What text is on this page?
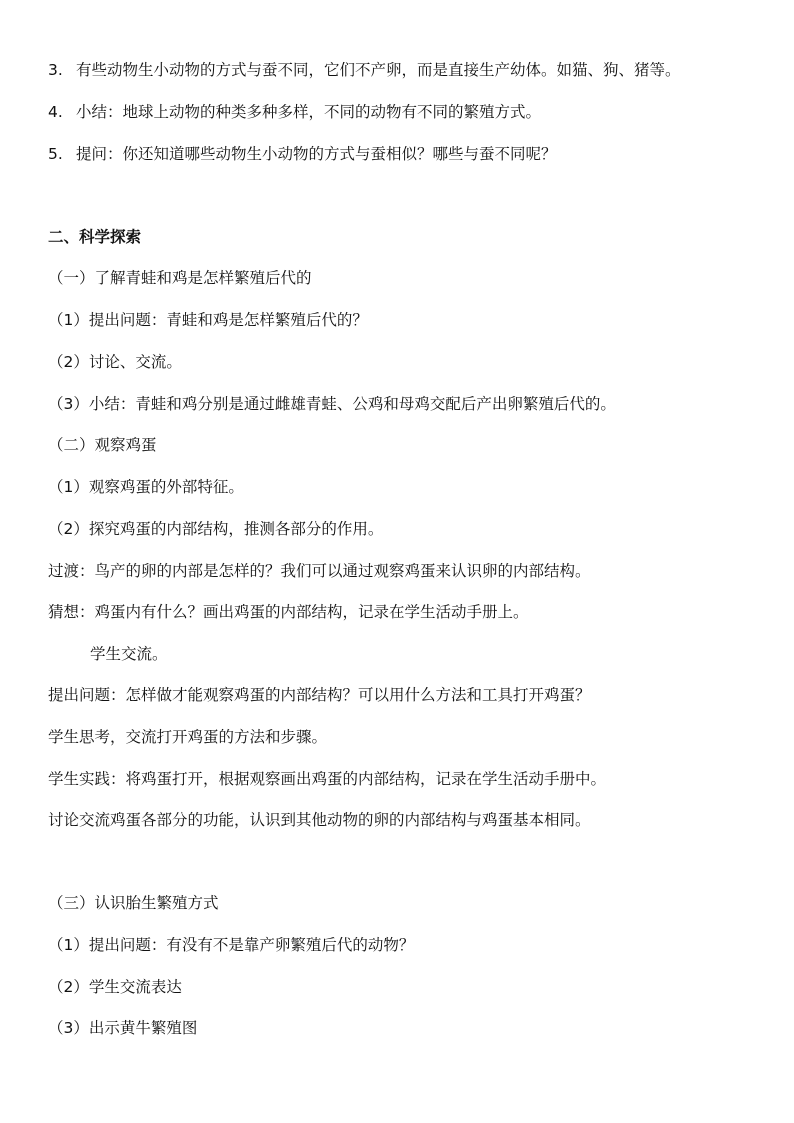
3. 有些动物生小动物的方式与蚕不同，它们不产卵，而是直接生产幼体。如猫、狗、猪等。
4. 小结：地球上动物的种类多种多样，不同的动物有不同的繁殖方式。
5. 提问：你还知道哪些动物生小动物的方式与蚕相似？哪些与蚕不同呢？
二、科学探索
（一）了解青蛙和鸡是怎样繁殖后代的
（1）提出问题：青蛙和鸡是怎样繁殖后代的？
（2）讨论、交流。
（3）小结：青蛙和鸡分别是通过雌雄青蛙、公鸡和母鸡交配后产出卵繁殖后代的。
（二）观察鸡蛋
（1）观察鸡蛋的外部特征。
（2）探究鸡蛋的内部结构，推测各部分的作用。
过渡：鸟产的卵的内部是怎样的？我们可以通过观察鸡蛋来认识卵的内部结构。
猜想：鸡蛋内有什么？画出鸡蛋的内部结构，记录在学生活动手册上。
学生交流。
提出问题：怎样做才能观察鸡蛋的内部结构？可以用什么方法和工具打开鸡蛋？
学生思考，交流打开鸡蛋的方法和步骤。
学生实践：将鸡蛋打开，根据观察画出鸡蛋的内部结构，记录在学生活动手册中。
讨论交流鸡蛋各部分的功能，认识到其他动物的卵的内部结构与鸡蛋基本相同。
（三）认识胎生繁殖方式
（1）提出问题：有没有不是靠产卵繁殖后代的动物？
（2）学生交流表达
（3）出示黄牛繁殖图
